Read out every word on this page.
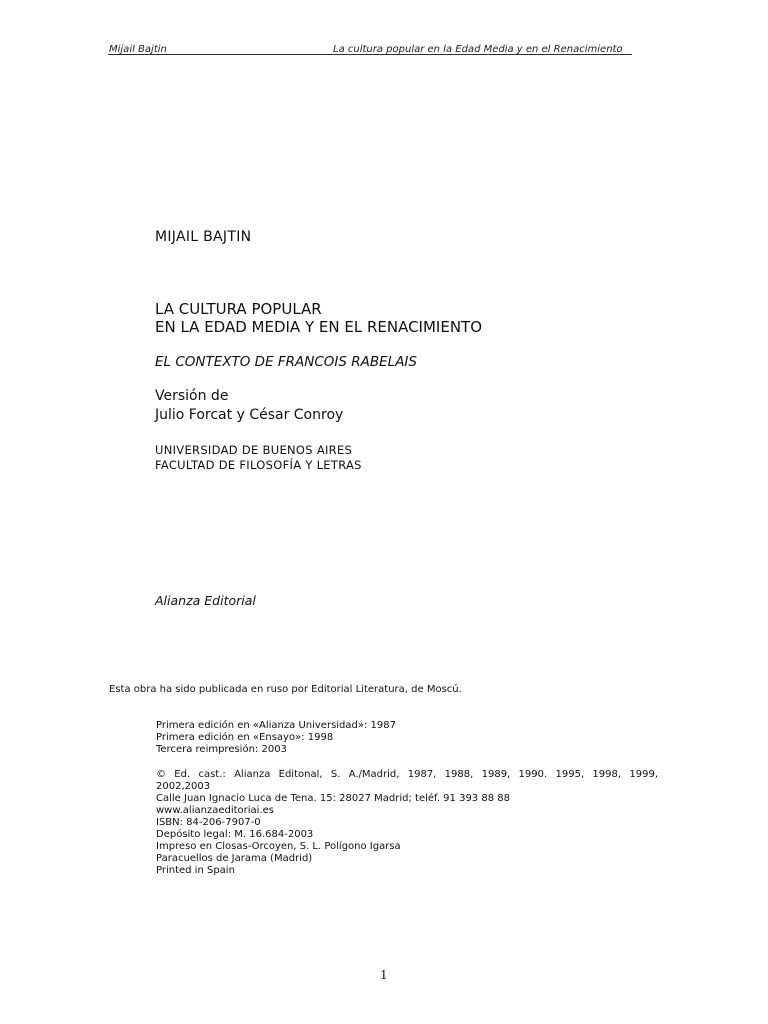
Mijail Bajtin	La cultura popular en la Edad Media y en el Renacimiento
MIJAIL BAJTIN
LA CULTURA POPULAR
EN LA EDAD MEDIA Y EN EL RENACIMIENTO
EL CONTEXTO DE FRANCOIS RABELAIS
Versión de
Julio Forcat y César Conroy
UNIVERSIDAD DE BUENOS AIRES
FACULTAD DE FILOSOFÍA Y LETRAS
Alianza Editorial
Esta obra ha sido publicada en ruso por Editorial Literatura, de Moscú.
Primera edición en «Alianza Universidad»: 1987
Primera edición en «Ensayo»: 1998
Tercera reimpresión: 2003
© Ed. cast.: Alianza Editonal, S. A./Madrid, 1987, 1988, 1989, 1990. 1995, 1998, 1999,
2002,2003
Calle Juan Ignacio Luca de Tena. 15: 28027 Madrid; teléf. 91 393 88 88
www.alianzaeditoriai.es
ISBN: 84-206-7907-0
Depósito legal: M. 16.684-2003
Impreso en Closas-Orcoyen, S. L. Polígono Igarsa
Paracuellos de Jarama (Madrid)
Printed in Spain
1
